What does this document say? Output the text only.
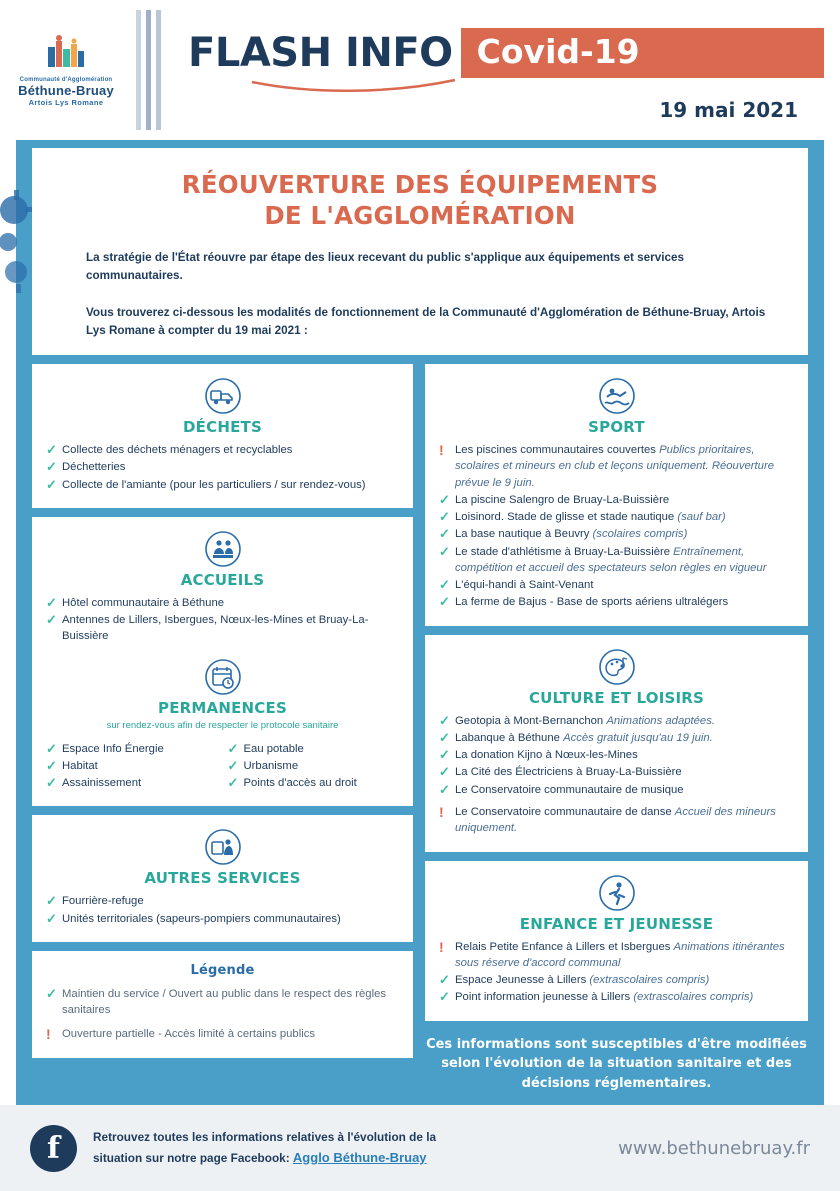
Communauté d'Agglomération
Béthune-Bruay
Artois Lys Romane
FLASH INFO Covid-19
19 mai 2021
RÉOUVERTURE DES ÉQUIPEMENTS
DE L'AGGLOMÉRATION

La stratégie de l'État réouvre par étape des lieux recevant du public s'applique aux équipements et services communautaires.

Vous trouverez ci-dessous les modalités de fonctionnement de la Communauté d'Agglomération de Béthune-Bruay, Artois Lys Romane à compter du 19 mai 2021 :

DÉCHETS
✓ Collecte des déchets ménagers et recyclables
✓ Déchetteries
✓ Collecte de l'amiante (pour les particuliers / sur rendez-vous)
ACCUEILS
✓ Hôtel communautaire à Béthune
✓ Antennes de Lillers, Isbergues, Nœux-les-Mines et Bruay-La-Buissière
PERMANENCES
sur rendez-vous afin de respecter le protocole sanitaire
✓ Espace Info Énergie
✓ Habitat
✓ Assainissement
✓ Eau potable
✓ Urbanisme
✓ Points d'accès au droit
AUTRES SERVICES
✓ Fourrière-refuge
✓ Unités territoriales (sapeurs-pompiers communautaires)
Légende
✓ Maintien du service / Ouvert au public dans le respect des règles sanitaires
! Ouverture partielle - Accès limité à certains publics
SPORT
! Les piscines communautaires couvertes Publics prioritaires, scolaires et mineurs en club et leçons uniquement. Réouverture prévue le 9 juin.
✓ La piscine Salengro de Bruay-La-Buissière
✓ Loisinord. Stade de glisse et stade nautique (sauf bar)
✓ La base nautique à Beuvry (scolaires compris)
✓ Le stade d'athlétisme à Bruay-La-Buissière Entraînement, compétition et accueil des spectateurs selon règles en vigueur
✓ L'équi-handi à Saint-Venant
✓ La ferme de Bajus - Base de sports aériens ultralégers
CULTURE ET LOISIRS
✓ Geotopia à Mont-Bernanchon Animations adaptées.
✓ Labanque à Béthune Accès gratuit jusqu'au 19 juin.
✓ La donation Kijno à Nœux-les-Mines
✓ La Cité des Électriciens à Bruay-La-Buissière
✓ Le Conservatoire communautaire de musique
! Le Conservatoire communautaire de danse Accueil des mineurs uniquement.
ENFANCE ET JEUNESSE
! Relais Petite Enfance à Lillers et Isbergues Animations itinérantes sous réserve d'accord communal
✓ Espace Jeunesse à Lillers (extrascolaires compris)
✓ Point information jeunesse à Lillers (extrascolaires compris)
Ces informations sont susceptibles d'être modifiées selon l'évolution de la situation sanitaire et des décisions réglementaires.
f	Retrouvez toutes les informations relatives à l'évolution de la
situation sur notre page Facebook: Agglo Béthune-Bruay	www.bethunebruay.fr
